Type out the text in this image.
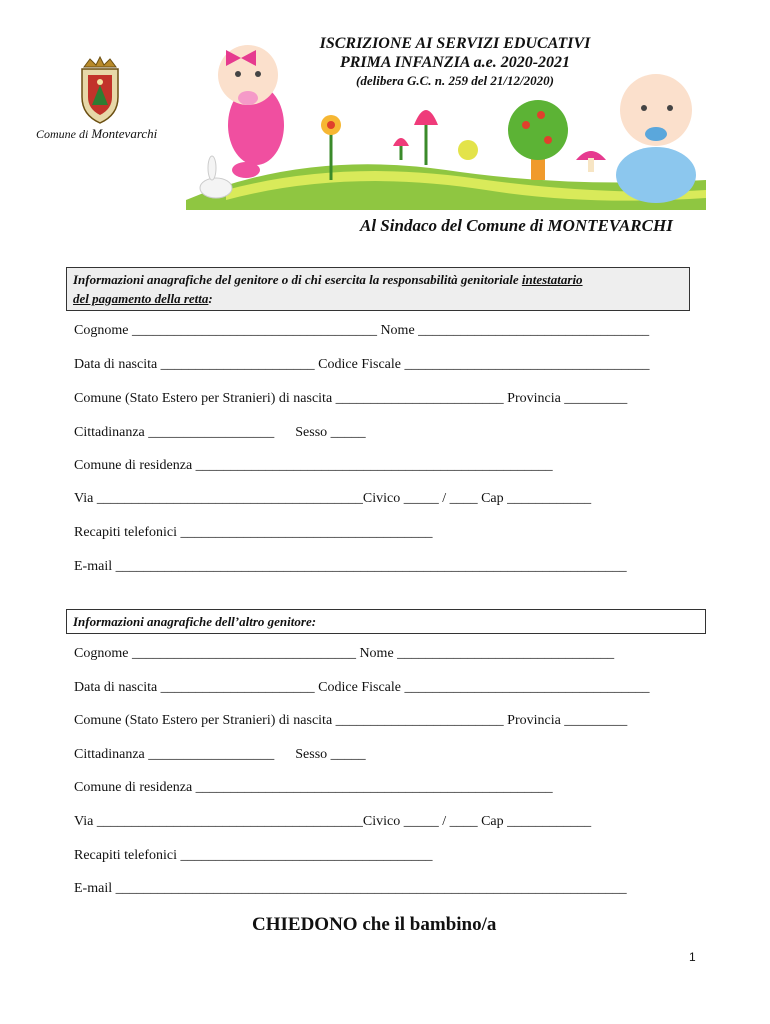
Comune di Montevarchi
ISCRIZIONE AI SERVIZI EDUCATIVI
PRIMA INFANZIA a.e. 2020-2021
(delibera G.C. n. 259 del 21/12/2020)
Al Sindaco del Comune di MONTEVARCHI
Informazioni anagrafiche del genitore o di chi esercita la responsabilità genitoriale intestatario
del pagamento della retta:
Cognome ___________________________________ Nome _________________________________
Data di nascita ______________________ Codice Fiscale ___________________________________
Comune (Stato Estero per Stranieri) di nascita ________________________ Provincia _________
Cittadinanza __________________      Sesso _____
Comune di residenza ___________________________________________________
Via ______________________________________Civico _____ / ____ Cap ____________
Recapiti telefonici ____________________________________
E-mail _________________________________________________________________________
Informazioni anagrafiche dell’altro genitore:
Cognome ________________________________ Nome _______________________________
Data di nascita ______________________ Codice Fiscale ___________________________________
Comune (Stato Estero per Stranieri) di nascita ________________________ Provincia _________
Cittadinanza __________________      Sesso _____
Comune di residenza ___________________________________________________
Via ______________________________________Civico _____ / ____ Cap ____________
Recapiti telefonici ____________________________________
E-mail _________________________________________________________________________
CHIEDONO che il bambino/a
1
